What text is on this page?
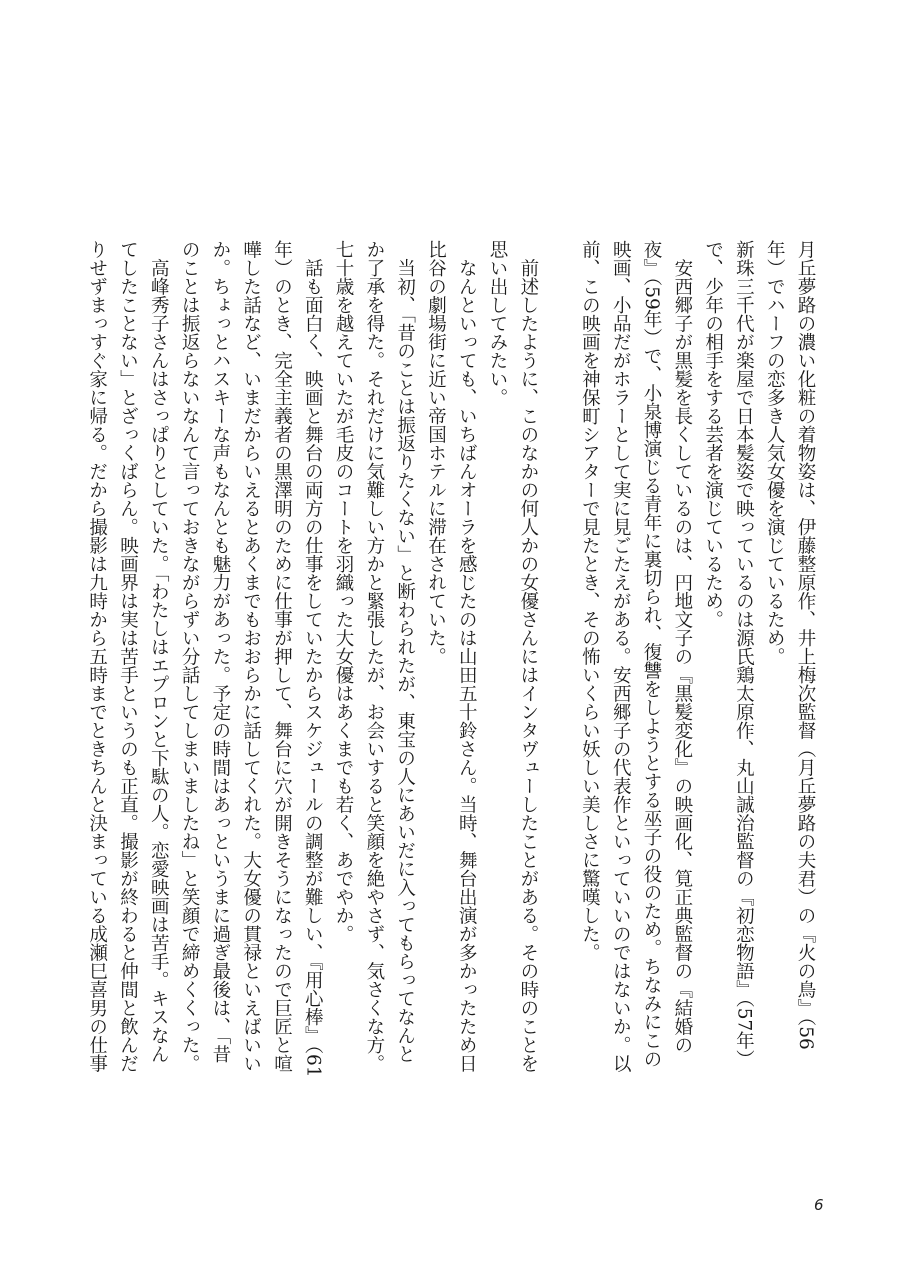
月丘夢路の濃い化粧の着物姿は、伊藤整原作、井上梅次監督（月丘夢路の夫君）の『火の鳥』（56

年）でハーフの恋多き人気女優を演じているため。

新珠三千代が楽屋で日本髪姿で映っているのは源氏鶏太原作、丸山誠治監督の『初恋物語』（57年）

で、少年の相手をする芸者を演じているため。

　安西郷子が黒髪を長くしているのは、円地文子の『黒髪変化』の映画化、筧正典監督の『結婚の

夜』（59年）で、小泉博演じる青年に裏切られ、復讐をしようとする巫子の役のため。ちなみにこの

映画、小品だがホラーとして実に見ごたえがある。安西郷子の代表作といっていいのではないか。以

前、この映画を神保町シアターで見たとき、その怖いくらい妖しい美しさに驚嘆した。

　前述したように、このなかの何人かの女優さんにはインタヴューしたことがある。その時のことを

思い出してみたい。

　なんといっても、いちばんオーラを感じたのは山田五十鈴さん。当時、舞台出演が多かったため日

比谷の劇場街に近い帝国ホテルに滞在されていた。

　当初、「昔のことは振返りたくない」と断わられたが、東宝の人にあいだに入ってもらってなんと

か了承を得た。それだけに気難しい方かと緊張したが、お会いすると笑顔を絶やさず、気さくな方。

七十歳を越えていたが毛皮のコートを羽織った大女優はあくまでも若く、あでやか。

　話も面白く、映画と舞台の両方の仕事をしていたからスケジュールの調整が難しい、『用心棒』（61

年）のとき、完全主義者の黒澤明のために仕事が押して、舞台に穴が開きそうになったので巨匠と喧

嘩した話など、いまだからいえるとあくまでもおおらかに話してくれた。大女優の貫禄といえばいい

か。ちょっとハスキーな声もなんとも魅力があった。予定の時間はあっというまに過ぎ最後は、「昔

のことは振返らないなんて言っておきながらずい分話してしまいましたね」と笑顔で締めくくった。

　高峰秀子さんはさっぱりとしていた。「わたしはエプロンと下駄の人。恋愛映画は苦手。キスなん

てしたことない」とざっくばらん。映画界は実は苦手というのも正直。撮影が終わると仲間と飲んだ

りせずまっすぐ家に帰る。だから撮影は九時から五時までときちんと決まっている成瀬巳喜男の仕事

6
